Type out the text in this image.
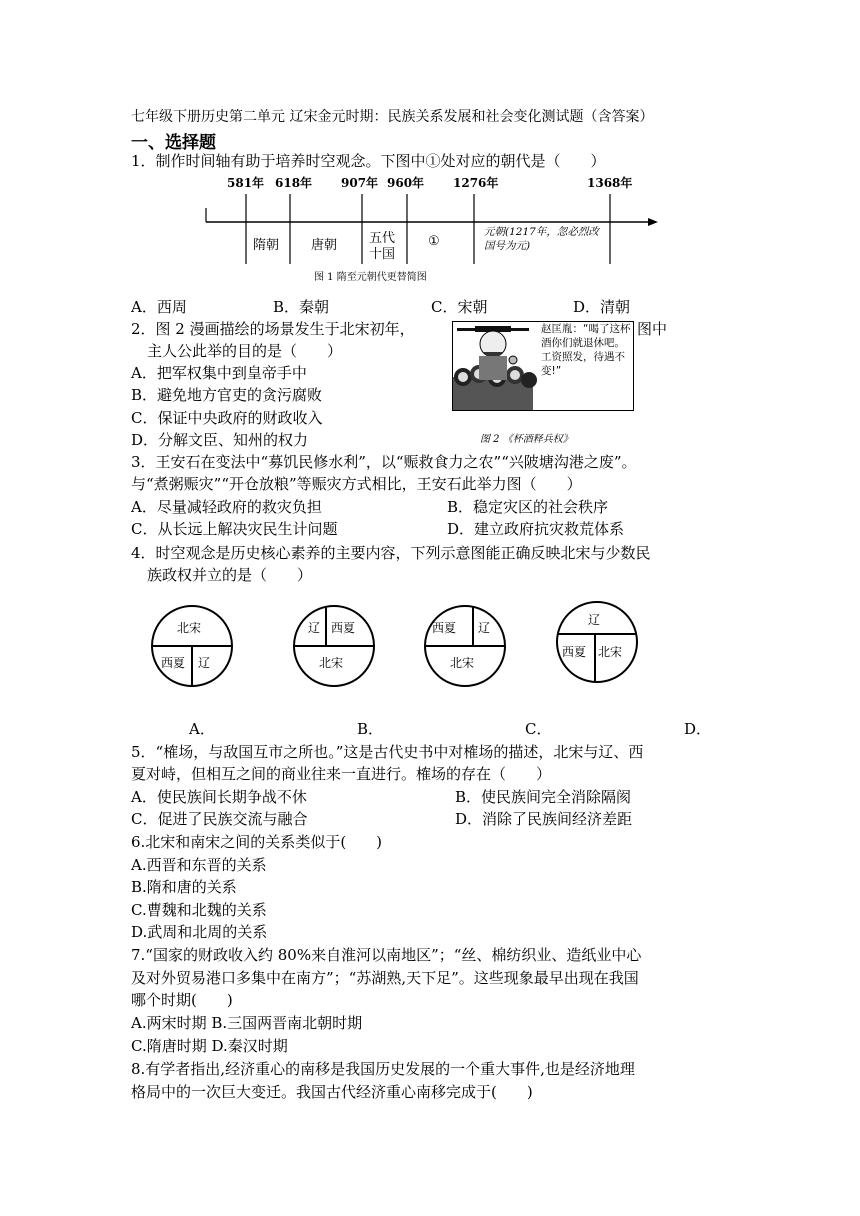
七年级下册历史第二单元 辽宋金元时期：民族关系发展和社会变化测试题（含答案）
一、选择题
1．制作时间轴有助于培养时空观念。下图中①处对应的朝代是（　　）
581年 618年 907年 960年 1276年	1368年
隋朝 唐朝 五代
十国
①
元朝(1217年，忽必烈改国号为元)
图 1 隋至元朝代更替简图
A．西周	B．秦朝	C．宋朝	D．清朝
2．图 2 漫画描绘的场景发生于北宋初年，	图中
主人公此举的目的是（　　）
A．把军权集中到皇帝手中
B．避免地方官吏的贪污腐败
C．保证中央政府的财政收入
D．分解文臣、知州的权力
赵匡胤：“喝了这杯酒你们就退休吧。工资照发，待遇不变!”
图 2 《杯酒释兵权》
3．王安石在变法中“募饥民修水利”，以“赈救食力之农”“兴陂塘沟港之废”。
与“煮粥赈灾”“开仓放粮”等赈灾方式相比，王安石此举力图（　　）
A．尽量减轻政府的救灾负担	B．稳定灾区的社会秩序
C．从长远上解决灾民生计问题	D．建立政府抗灾救荒体系
4．时空观念是历史核心素养的主要内容，下列示意图能正确反映北宋与少数民
族政权并立的是（　　）
北宋
西夏 辽
辽 西夏
北宋
西夏 辽
北宋
辽
西夏 北宋
A．	B．	C．	D．
5．“榷场，与敌国互市之所也。”这是古代史书中对榷场的描述，北宋与辽、西
夏对峙，但相互之间的商业往来一直进行。榷场的存在（　　）
A．使民族间长期争战不休	B．使民族间完全消除隔阂
C．促进了民族交流与融合	D．消除了民族间经济差距
6.北宋和南宋之间的关系类似于(　　)
A.西晋和东晋的关系
B.隋和唐的关系
C.曹魏和北魏的关系
D.武周和北周的关系
7.“国家的财政收入约 80%来自淮河以南地区”；“丝、棉纺织业、造纸业中心
及对外贸易港口多集中在南方”；“苏湖熟,天下足”。这些现象最早出现在我国
哪个时期(　　)
A.两宋时期 B.三国两晋南北朝时期
C.隋唐时期 D.秦汉时期
8.有学者指出,经济重心的南移是我国历史发展的一个重大事件,也是经济地理
格局中的一次巨大变迁。我国古代经济重心南移完成于(　　)
